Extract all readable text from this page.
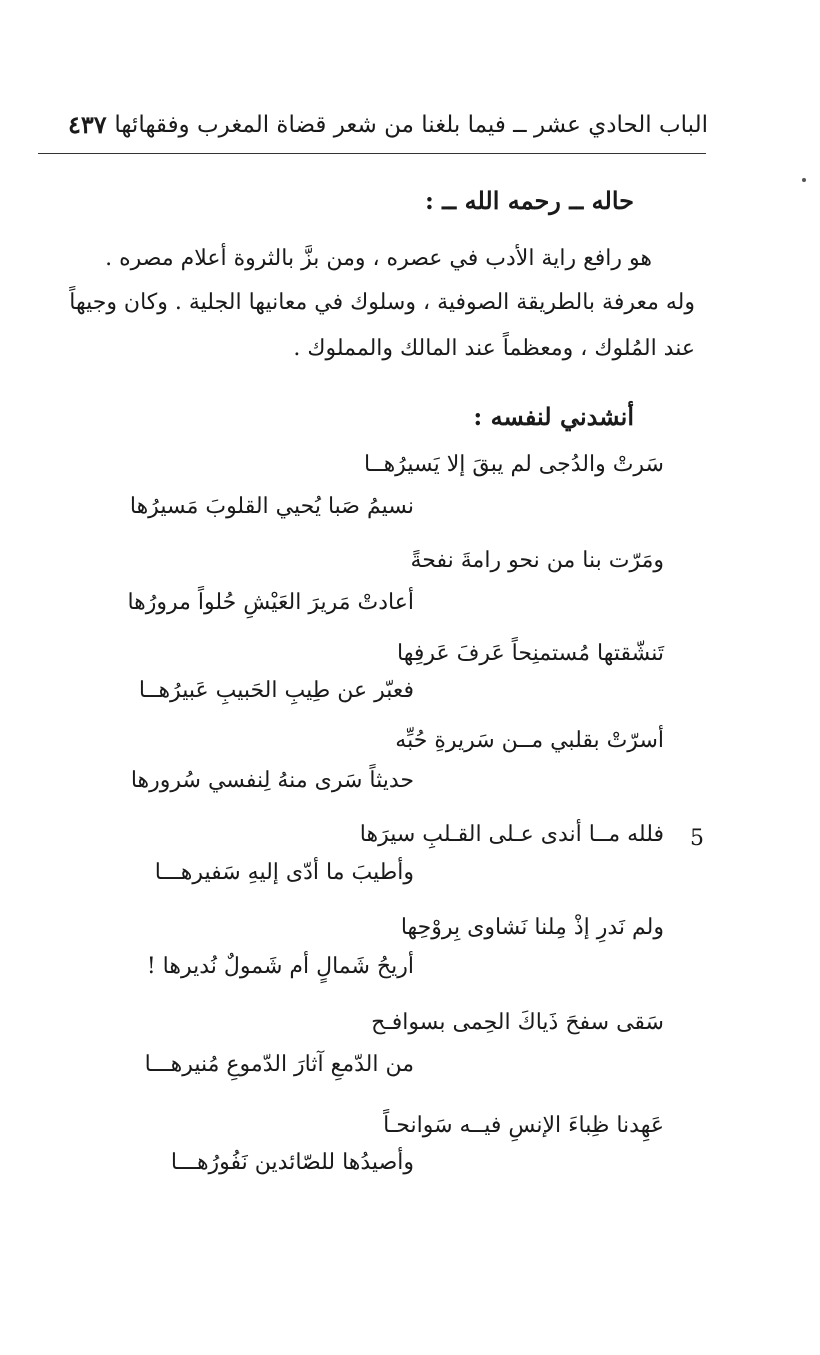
الباب الحادي عشر ــ فيما بلغنا من شعر قضاة المغرب وفقهائها
٤٣٧
حاله ــ رحمه الله ــ :
هو رافع راية الأدب في عصره ، ومن بزَّ بالثروة أعلام مصره .
وله معرفة بالطريقة الصوفية ، وسلوك في معانيها الجلية . وكان وجيهاً
عند المُلوك ، ومعظماً عند المالك والمملوك .
أنشدني لنفسه :
سَرتْ والدُجى لم يبقَ إلا يَسيرُهــا
نسيمُ صَبا يُحيي القلوبَ مَسيرُها
ومَرّت بنا من نحو رامةَ نفحةً
أعادتْ مَريرَ العَيْشِ حُلواً مرورُها
تَنشّقتها مُستمنِحاً عَرفَ عَرفِها
فعبّر عن طِيبِ الحَبيبِ عَبيرُهــا
أسرّتْ بقلبي مــن سَريرةِ حُبِّه
حديثاً سَرى منهُ لِنفسي سُرورها
5
فلله مــا أندى عـلى القـلبِ سيرَها
وأطيبَ ما أدّى إليهِ سَفيرهـــا
ولم نَدرِ إذْ مِلنا نَشاوى بِروْحِها
أريحُ شَمالٍ أم شَمولٌ نُديرها !
سَقى سفحَ ذَياكَ الحِمى بسوافـح
من الدّمعِ آثارَ الدّموعِ مُنيرهـــا
عَهِدنا ظِباءَ الإنسِ فيــه سَوانحـاً
وأصيدُها للصّائدين نَفُورُهـــا
